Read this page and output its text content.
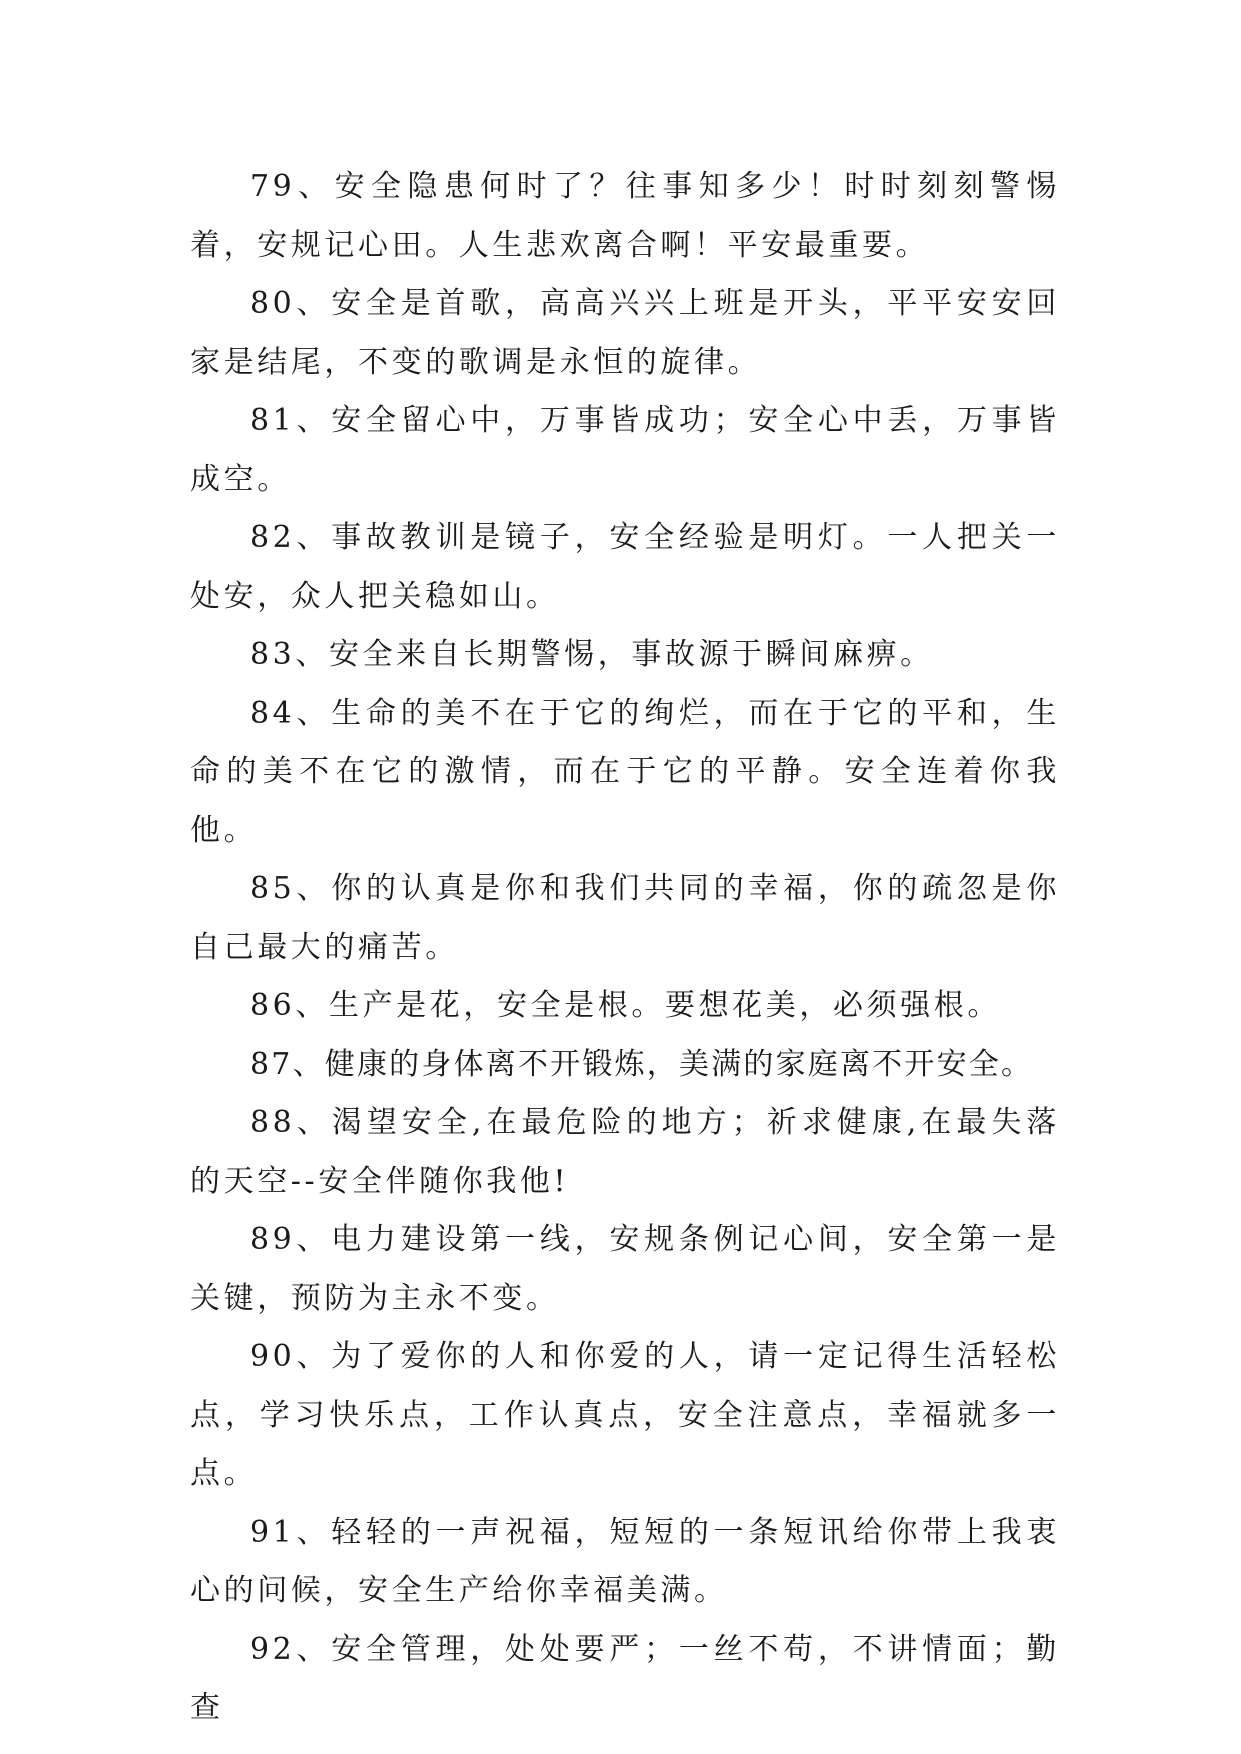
79、安全隐患何时了？往事知多少！时时刻刻警惕着，安规记心田。人生悲欢离合啊！平安最重要。

80、安全是首歌，高高兴兴上班是开头，平平安安回家是结尾，不变的歌调是永恒的旋律。

81、安全留心中，万事皆成功；安全心中丢，万事皆成空。

82、事故教训是镜子，安全经验是明灯。一人把关一处安，众人把关稳如山。

83、安全来自长期警惕，事故源于瞬间麻痹。

84、生命的美不在于它的绚烂，而在于它的平和，生命的美不在它的激情，而在于它的平静。安全连着你我他。

85、你的认真是你和我们共同的幸福，你的疏忽是你自己最大的痛苦。

86、生产是花，安全是根。要想花美，必须强根。

87、健康的身体离不开锻炼，美满的家庭离不开安全。

88、渴望安全,在最危险的地方；祈求健康,在最失落的天空--安全伴随你我他!

89、电力建设第一线，安规条例记心间，安全第一是关键，预防为主永不变。

90、为了爱你的人和你爱的人，请一定记得生活轻松点，学习快乐点，工作认真点，安全注意点，幸福就多一点。

91、轻轻的一声祝福，短短的一条短讯给你带上我衷心的问候，安全生产给你幸福美满。

92、安全管理，处处要严；一丝不苟，不讲情面；勤查
